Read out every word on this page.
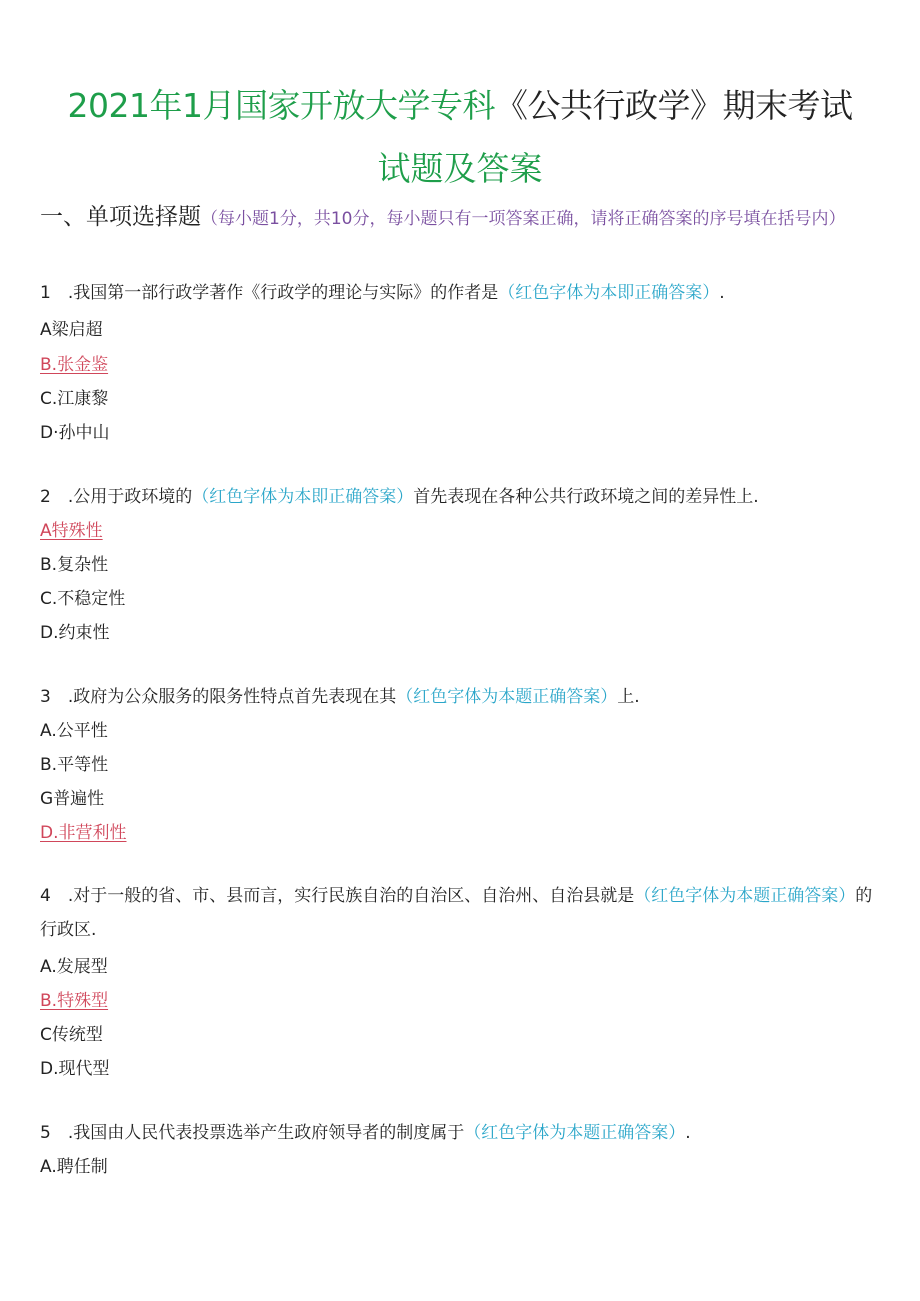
2021年1月国家开放大学专科《公共行政学》期末考试
试题及答案
一、单项选择题（每小题1分，共10分，每小题只有一项答案正确，请将正确答案的序号填在括号内）
1　.我国第一部行政学著作《行政学的理论与实际》的作者是（红色字体为本即正确答案）.
A梁启超
B.张金鉴
C.江康黎
D·孙中山
2　.公用于政环境的（红色字体为本即正确答案）首先表现在各种公共行政环境之间的差异性上.
A特殊性
B.复杂性
C.不稳定性
D.约束性
3　.政府为公众服务的限务性特点首先表现在其（红色字体为本题正确答案）上.
A.公平性
B.平等性
G普遍性
D.非营利性
4　.对于一般的省、市、县而言，实行民族自治的自治区、自治州、自治县就是（红色字体为本题正确答案）的行政区.
A.发展型
B.特殊型
C传统型
D.现代型
5　.我国由人民代表投票选举产生政府领导者的制度属于（红色字体为本题正确答案）.
A.聘任制
